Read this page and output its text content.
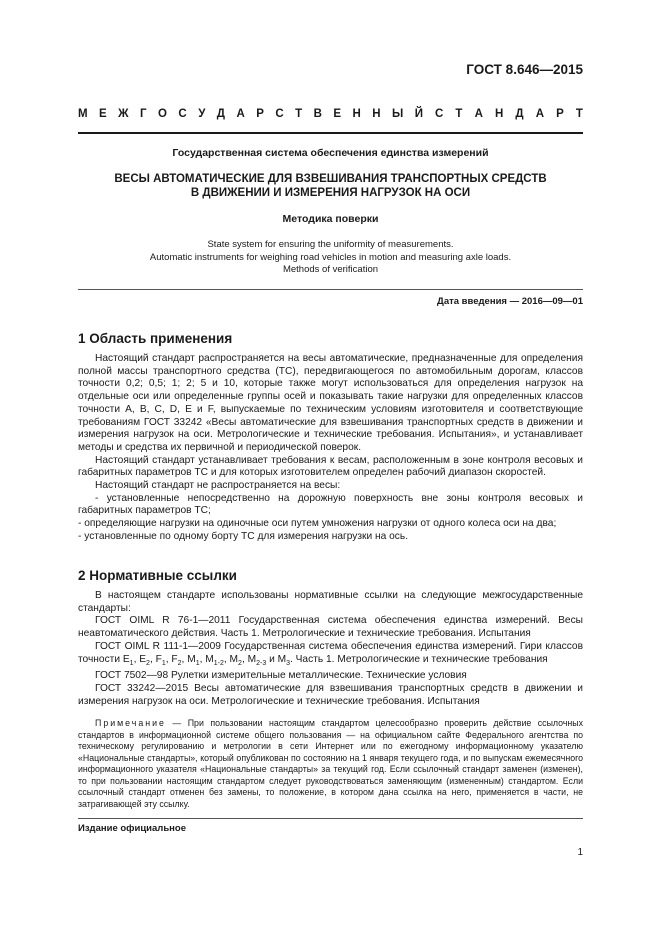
ГОСТ 8.646—2015
М Е Ж Г О С У Д А Р С Т В Е Н Н Ы Й С Т А Н Д А Р Т
Государственная система обеспечения единства измерений
ВЕСЫ АВТОМАТИЧЕСКИЕ ДЛЯ ВЗВЕШИВАНИЯ ТРАНСПОРТНЫХ СРЕДСТВ
В ДВИЖЕНИИ И ИЗМЕРЕНИЯ НАГРУЗОК НА ОСИ
Методика поверки
State system for ensuring the uniformity of measurements.
Automatic instruments for weighing road vehicles in motion and measuring axle loads.
Methods of verification
Дата введения — 2016—09—01
1 Область применения

Настоящий стандарт распространяется на весы автоматические, предназначенные для определения полной массы транспортного средства (ТС), передвигающегося по автомобильным дорогам, классов точности 0,2; 0,5; 1; 2; 5 и 10, которые также могут использоваться для определения нагрузок на отдельные оси или определенные группы осей и показывать такие нагрузки для определенных классов точности A, B, C, D, E и F, выпускаемые по техническим условиям изготовителя и соответствующие требованиям ГОСТ 33242 «Весы автоматические для взвешивания транспортных средств в движении и измерения нагрузок на оси. Метрологические и технические требования. Испытания», и устанавливает методы и средства их первичной и периодической поверок.

Настоящий стандарт устанавливает требования к весам, расположенным в зоне контроля весовых и габаритных параметров ТС и для которых изготовителем определен рабочий диапазон скоростей.

Настоящий стандарт не распространяется на весы:

- установленные непосредственно на дорожную поверхность вне зоны контроля весовых и габаритных параметров ТС;

- определяющие нагрузки на одиночные оси путем умножения нагрузки от одного колеса оси на два;

- установленные по одному борту ТС для измерения нагрузки на ось.

2 Нормативные ссылки

В настоящем стандарте использованы нормативные ссылки на следующие межгосударственные стандарты:

ГОСТ OIML R 76-1—2011 Государственная система обеспечения единства измерений. Весы неавтоматического действия. Часть 1. Метрологические и технические требования. Испытания

ГОСТ OIML R 111-1—2009 Государственная система обеспечения единства измерений. Гири классов точности $E_1$, $E_2$, $F_1$, $F_2$, $M_1$, $M_{1-2}$, $M_2$, $M_{2-3}$ и $M_3$. Часть 1. Метрологические и технические требования

ГОСТ 7502—98 Рулетки измерительные металлические. Технические условия

ГОСТ 33242—2015 Весы автоматические для взвешивания транспортных средств в движении и измерения нагрузок на оси. Метрологические и технические требования. Испытания

Примечание — При пользовании настоящим стандартом целесообразно проверить действие ссылочных стандартов в информационной системе общего пользования — на официальном сайте Федерального агентства по техническому регулированию и метрологии в сети Интернет или по ежегодному информационному указателю «Национальные стандарты», который опубликован по состоянию на 1 января текущего года, и по выпускам ежемесячного информационного указателя «Национальные стандарты» за текущий год. Если ссылочный стандарт заменен (изменен), то при пользовании настоящим стандартом следует руководствоваться заменяющим (измененным) стандартом. Если ссылочный стандарт отменен без замены, то положение, в котором дана ссылка на него, применяется в части, не затрагивающей эту ссылку.
Издание официальное
1
